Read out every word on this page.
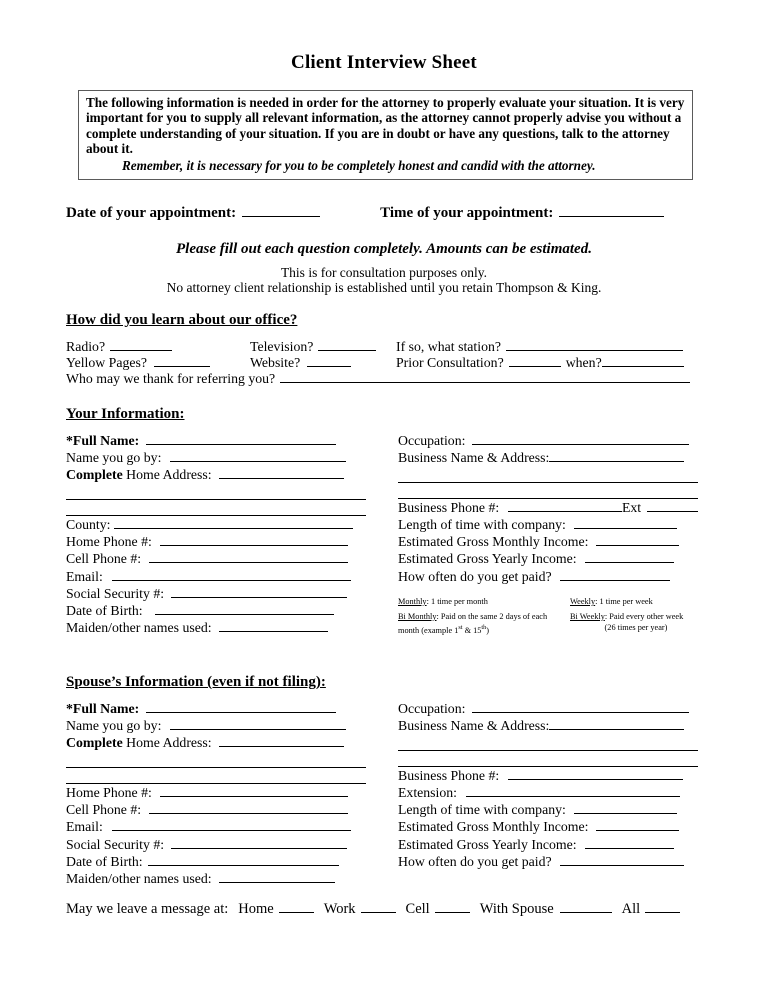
Client Interview Sheet
The following information is needed in order for the attorney to properly evaluate your situation. It is very important for you to supply all relevant information, as the attorney cannot properly advise you without a complete understanding of your situation. If you are in doubt or have any questions, talk to the attorney about it.
Remember, it is necessary for you to be completely honest and candid with the attorney.
Date of your appointment:	Time of your appointment:
Please fill out each question completely. Amounts can be estimated.
This is for consultation purposes only.
No attorney client relationship is established until you retain Thompson & King.
How did you learn about our office?
Radio?	Television?	If so, what station?
Yellow Pages?	Website?	Prior Consultation?	when?
Who may we thank for referring you?
Your Information:
*Full Name:
Name you go by:
Complete Home Address:
County:
Home Phone #:
Cell Phone #:
Email:
Social Security #:
Date of Birth:
Maiden/other names used:
Occupation:
Business Name & Address:
Business Phone #:	Ext
Length of time with company:
Estimated Gross Monthly Income:
Estimated Gross Yearly Income:
How often do you get paid?
Monthly: 1 time per month
Bi Monthly: Paid on the same 2 days of each month (example 1st & 15th)
Weekly: 1 time per week
Bi Weekly: Paid every other week
(26 times per year)
Spouse’s Information (even if not filing):
*Full Name:
Name you go by:
Complete Home Address:
Home Phone #:
Cell Phone #:
Email:
Social Security #:
Date of Birth:
Maiden/other names used:
Occupation:
Business Name & Address:
Business Phone #:
Extension:
Length of time with company:
Estimated Gross Monthly Income:
Estimated Gross Yearly Income:
How often do you get paid?
May we leave a message at: Home	Work	Cell	With Spouse	All
